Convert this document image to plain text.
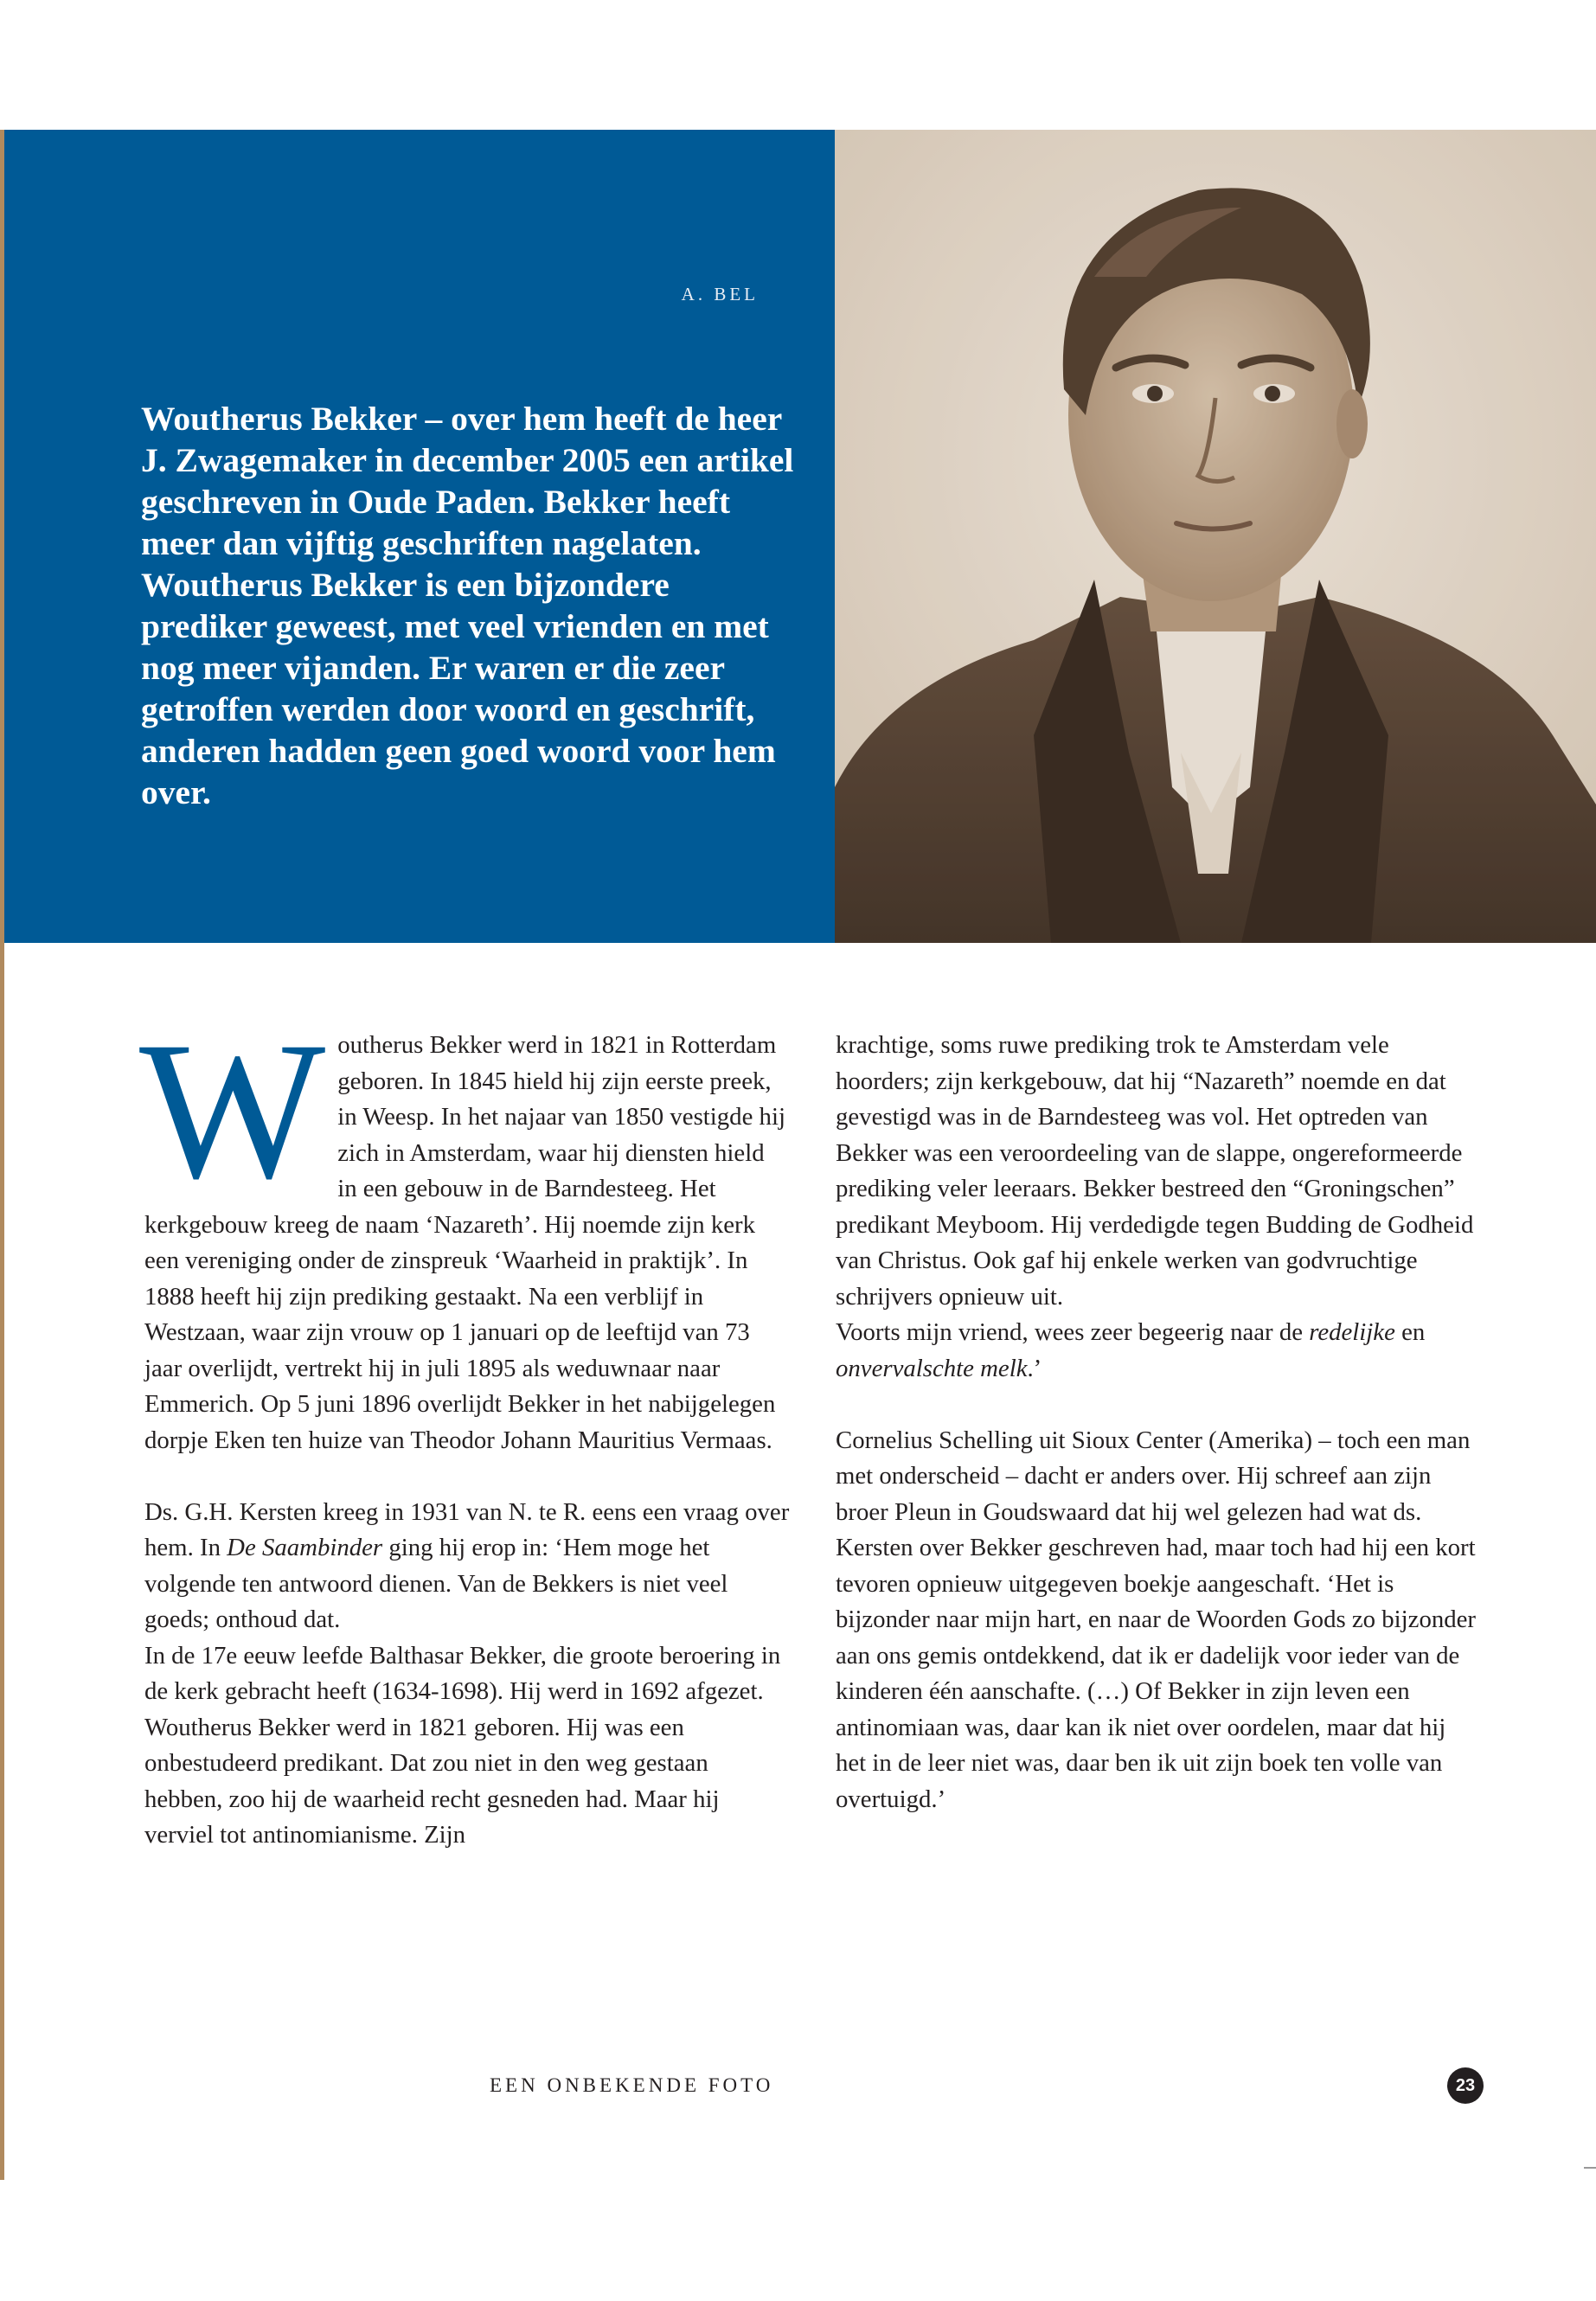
A. BEL

Woutherus Bekker – over hem heeft de heer J. Zwagemaker in december 2005 een artikel geschreven in Oude Paden. Bekker heeft meer dan vijftig geschriften nagelaten.

Woutherus Bekker is een bijzondere prediker geweest, met veel vrienden en met nog meer vijanden. Er waren er die zeer getroffen werden door woord en geschrift, anderen hadden geen goed woord voor hem over.

W outherus Bekker werd in 1821 in Rotterdam geboren. In 1845 hield hij zijn eerste preek, in Weesp. In het najaar van 1850 vestigde hij zich in Amsterdam, waar hij diensten hield in een gebouw in de Barndesteeg. Het kerkgebouw kreeg de naam ‘Nazareth’. Hij noemde zijn kerk een vereniging onder de zinspreuk ‘Waarheid in praktijk’. In 1888 heeft hij zijn prediking gestaakt. Na een verblijf in Westzaan, waar zijn vrouw op 1 januari op de leeftijd van 73 jaar overlijdt, vertrekt hij in juli 1895 als weduwnaar naar Emmerich. Op 5 juni 1896 overlijdt Bekker in het nabijgelegen dorpje Eken ten huize van Theodor Johann Mauritius Vermaas.

Ds. G.H. Kersten kreeg in 1931 van N. te R. eens een vraag over hem. In De Saambinder ging hij erop in: ‘Hem moge het volgende ten antwoord dienen. Van de Bekkers is niet veel goeds; onthoud dat.

In de 17e eeuw leefde Balthasar Bekker, die groote beroering in de kerk gebracht heeft (1634-1698). Hij werd in 1692 afgezet.

Woutherus Bekker werd in 1821 geboren. Hij was een onbestudeerd predikant. Dat zou niet in den weg gestaan hebben, zoo hij de waarheid recht gesneden had. Maar hij verviel tot antinomianisme. Zijn

krachtige, soms ruwe prediking trok te Amsterdam vele hoorders; zijn kerkgebouw, dat hij “Nazareth” noemde en dat gevestigd was in de Barndesteeg was vol. Het optreden van Bekker was een veroordeeling van de slappe, ongereformeerde prediking veler leeraars. Bekker bestreed den “Groningschen” predikant Meyboom. Hij verdedigde tegen Budding de Godheid van Christus. Ook gaf hij enkele werken van godvruchtige schrijvers opnieuw uit.

Voorts mijn vriend, wees zeer begeerig naar de redelijke en onvervalschte melk.’

Cornelius Schelling uit Sioux Center (Amerika) – toch een man met onderscheid – dacht er anders over. Hij schreef aan zijn broer Pleun in Goudswaard dat hij wel gelezen had wat ds. Kersten over Bekker geschreven had, maar toch had hij een kort tevoren opnieuw uitgegeven boekje aangeschaft. ‘Het is bijzonder naar mijn hart, en naar de Woorden Gods zo bijzonder aan ons gemis ontdekkend, dat ik er dadelijk voor ieder van de kinderen één aanschafte. (…) Of Bekker in zijn leven een antinomiaan was, daar kan ik niet over oordelen, maar dat hij het in de leer niet was, daar ben ik uit zijn boek ten volle van overtuigd.’

EEN ONBEKENDE FOTO	23
